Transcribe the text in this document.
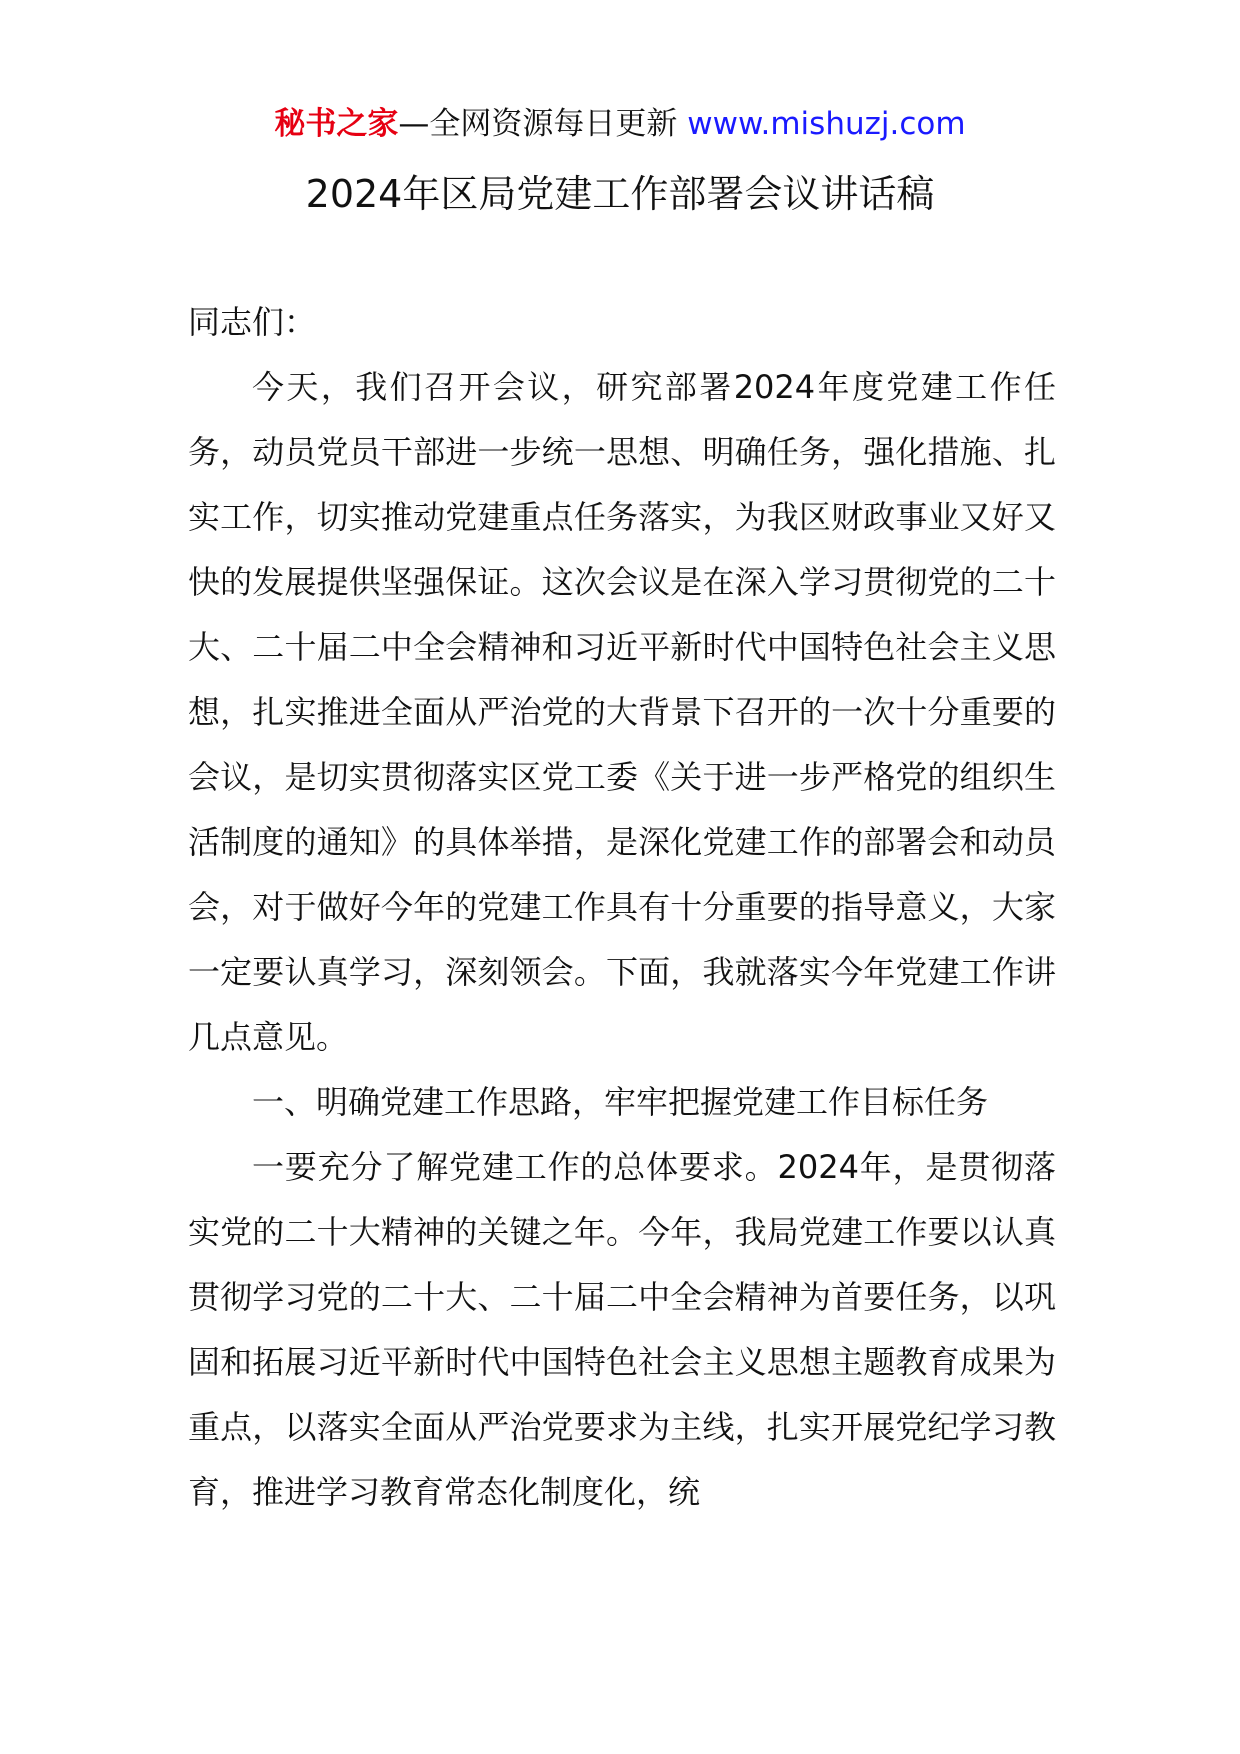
秘书之家—全网资源每日更新 www.mishuzj.com
2024年区局党建工作部署会议讲话稿

同志们：

今天，我们召开会议，研究部署2024年度党建工作任务，动员党员干部进一步统一思想、明确任务，强化措施、扎实工作，切实推动党建重点任务落实，为我区财政事业又好又快的发展提供坚强保证。这次会议是在深入学习贯彻党的二十大、二十届二中全会精神和习近平新时代中国特色社会主义思想，扎实推进全面从严治党的大背景下召开的一次十分重要的会议，是切实贯彻落实区党工委《关于进一步严格党的组织生活制度的通知》的具体举措，是深化党建工作的部署会和动员会，对于做好今年的党建工作具有十分重要的指导意义，大家一定要认真学习，深刻领会。下面，我就落实今年党建工作讲几点意见。

一、明确党建工作思路，牢牢把握党建工作目标任务

一要充分了解党建工作的总体要求。2024年，是贯彻落实党的二十大精神的关键之年。今年，我局党建工作要以认真贯彻学习党的二十大、二十届二中全会精神为首要任务，以巩固和拓展习近平新时代中国特色社会主义思想主题教育成果为重点，以落实全面从严治党要求为主线，扎实开展党纪学习教育，推进学习教育常态化制度化，统
